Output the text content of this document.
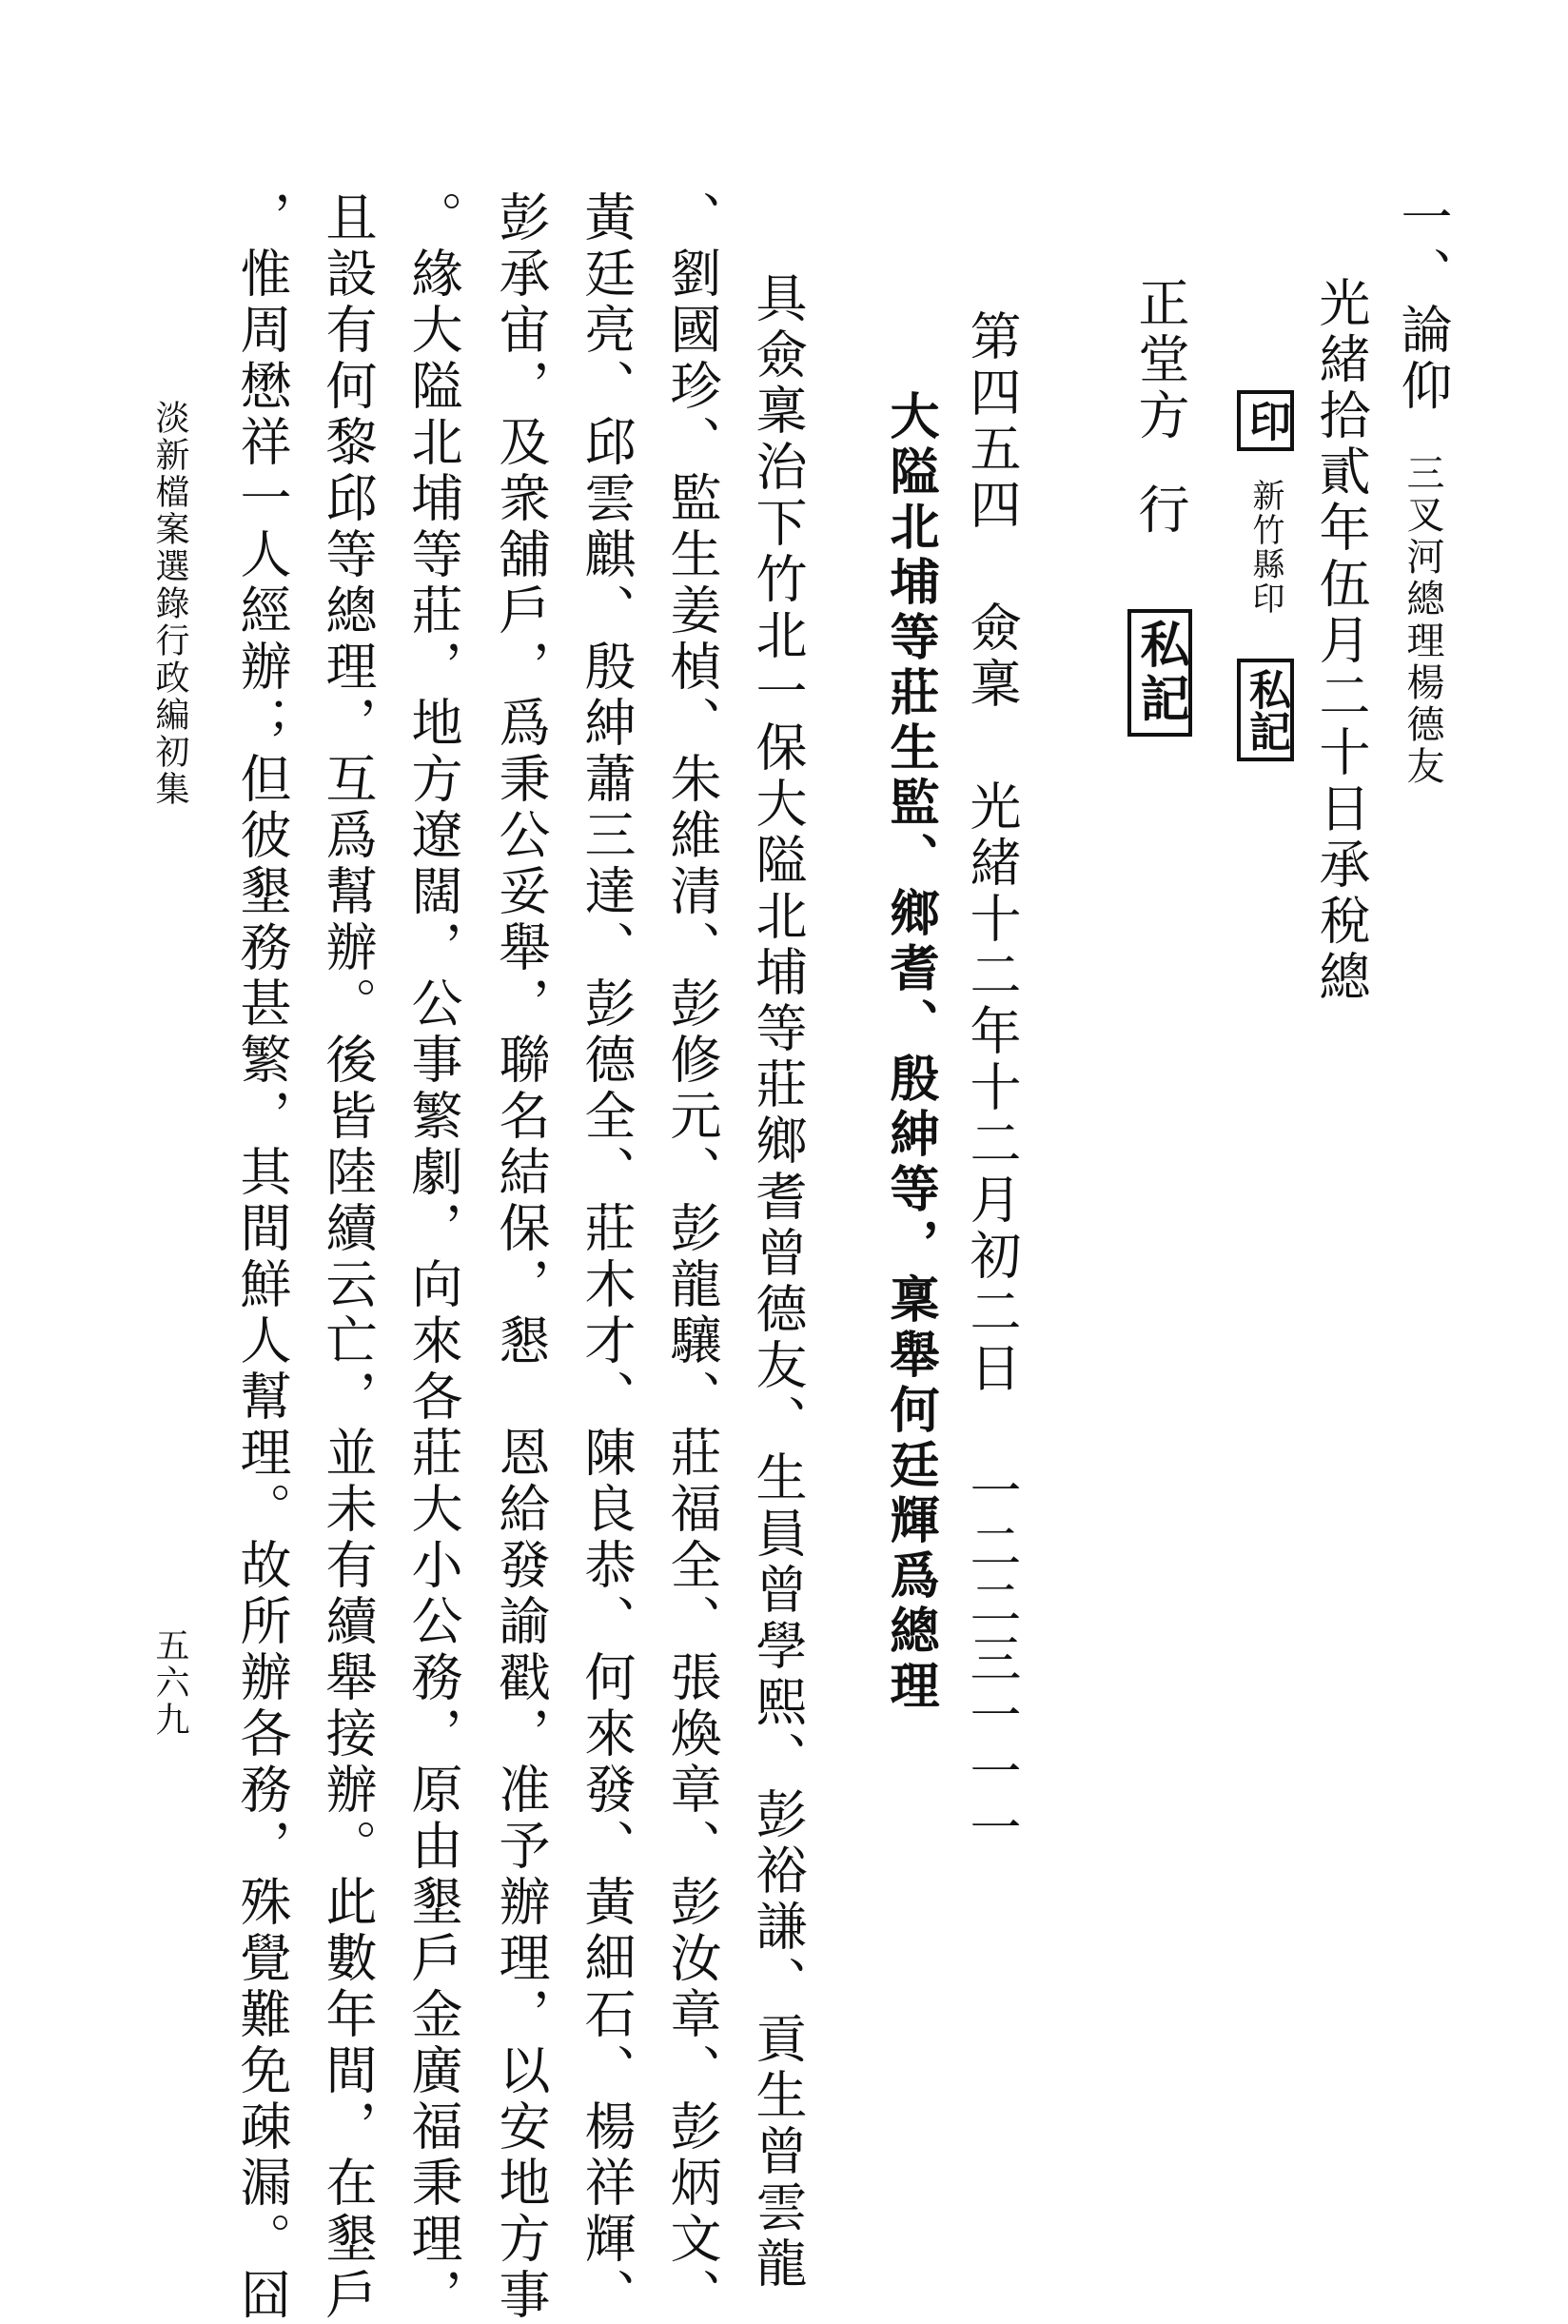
一、論仰三叉河總理楊德友
光緒拾貳年伍月二十日承稅總
印 新竹縣印 私記
正堂方行 私記
第四五四僉稟光緒十二年十二月初二日一二二三一一一
大隘北埔等莊生監、鄉耆、殷紳等，稟舉何廷輝爲總理
具僉稟治下竹北一保大隘北埔等莊鄉耆曾德友、生員曾學熙、彭裕謙、貢生曾雲龍
、劉國珍、監生姜楨、朱維清、彭修元、彭龍驤、莊福全、張煥章、彭汝章、彭炳文、
黃廷亮、邱雲麒、殷紳蕭三達、彭德全、莊木才、陳良恭、何來發、黃細石、楊祥輝、
彭承宙，及衆舖戶，爲秉公妥舉，聯名結保，懇　恩給發諭戳，准予辦理，以安地方事
。緣大隘北埔等莊，地方遼闊，公事繁劇，向來各莊大小公務，原由墾戶金廣福秉理，
且設有何黎邱等總理，互爲幫辦。後皆陸續云亡，並未有續舉接辦。此數年間，在墾戶
，惟周懋祥一人經辦；但彼墾務甚繁，其間鮮人幫理。故所辦各務，殊覺難免疎漏。囧
淡新檔案選錄行政編初集
五六九
